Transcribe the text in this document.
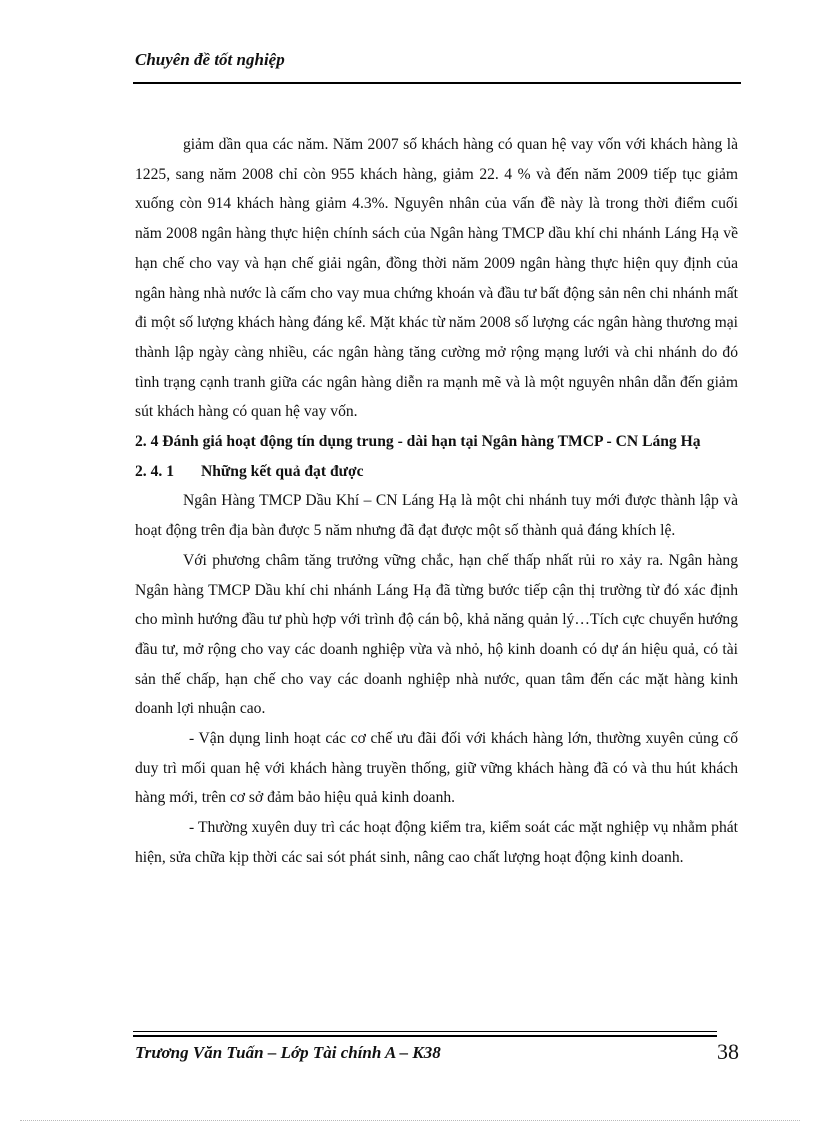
Chuyên đề tốt nghiệp

giảm dần qua các năm. Năm 2007 số khách hàng có quan hệ vay vốn với khách hàng là 1225, sang năm 2008 chỉ còn 955 khách hàng, giảm 22. 4 % và đến năm 2009 tiếp tục giảm xuống còn 914 khách hàng giảm 4.3%. Nguyên nhân của vấn đề này là trong thời điểm cuối năm 2008 ngân hàng thực hiện chính sách của Ngân hàng TMCP dầu khí chi nhánh Láng Hạ về hạn chế cho vay và hạn chế giải ngân, đồng thời năm 2009 ngân hàng thực hiện quy định của ngân hàng nhà nước là cấm cho vay mua chứng khoán và đầu tư bất động sản nên chi nhánh mất đi một số lượng khách hàng đáng kể. Mặt khác từ năm 2008 số lượng các ngân hàng thương mại thành lập ngày càng nhiều, các ngân hàng tăng cường mở rộng mạng lưới và chi nhánh do đó tình trạng cạnh tranh giữa các ngân hàng diễn ra mạnh mẽ và là một nguyên nhân dẫn đến giảm sút khách hàng có quan hệ vay vốn.

2. 4 Đánh giá hoạt động tín dụng trung - dài hạn tại Ngân hàng TMCP - CN Láng Hạ

2. 4. 1 Những kết quả đạt được

Ngân Hàng TMCP Dầu Khí – CN Láng Hạ là một chi nhánh tuy mới được thành lập và hoạt động trên địa bàn được 5 năm nhưng đã đạt được một số thành quả đáng khích lệ.

Với phương châm tăng trưởng vững chắc, hạn chế thấp nhất rủi ro xảy ra. Ngân hàng Ngân hàng TMCP Dầu khí chi nhánh Láng Hạ đã từng bước tiếp cận thị trường từ đó xác định cho mình hướng đầu tư phù hợp với trình độ cán bộ, khả năng quản lý…Tích cực chuyển hướng đầu tư, mở rộng cho vay các doanh nghiệp vừa và nhỏ, hộ kinh doanh có dự án hiệu quả, có tài sản thế chấp, hạn chế cho vay các doanh nghiệp nhà nước, quan tâm đến các mặt hàng kinh doanh lợi nhuận cao.

- Vận dụng linh hoạt các cơ chế ưu đãi đối với khách hàng lớn, thường xuyên củng cố duy trì mối quan hệ với khách hàng truyền thống, giữ vững khách hàng đã có và thu hút khách hàng mới, trên cơ sở đảm bảo hiệu quả kinh doanh.

- Thường xuyên duy trì các hoạt động kiểm tra, kiểm soát các mặt nghiệp vụ nhằm phát hiện, sửa chữa kịp thời các sai sót phát sinh, nâng cao chất lượng hoạt động kinh doanh.

Trương Văn Tuấn – Lớp Tài chính A – K38	38
